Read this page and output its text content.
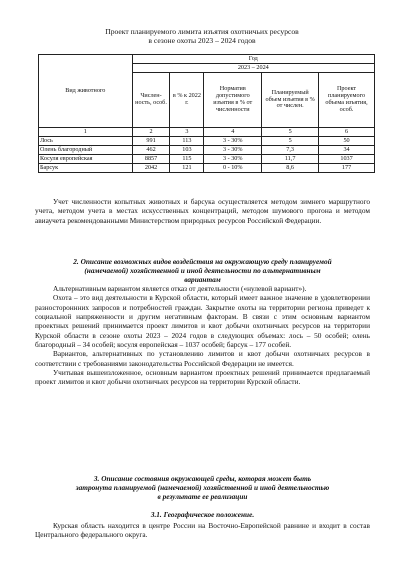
Проект планируемого лимита изъятия охотничьих ресурсов
в сезоне охоты 2023 – 2024 годов
Вид животного	Год				
	2023 – 2024				
	Числен-ность, особ.	в % к 2022 г.	Норматив допустимого изъятия в % от численности	Планируемый объем изъятия в % от числен.	Проект планируемого объема изъятия, особ.
1	2	3	4	5	6
Лось	991	113	3 - 30%	5	50
Олень благородный	462	103	3 - 30%	7,3	34
Косуля европейская	8857	115	3 - 30%	11,7	1037
Барсук	2042	121	0 - 10%	8,6	177

Учет численности копытных животных и барсука осуществляется методом зимнего маршрутного учета, методом учета в местах искусственных концентраций, методом шумового прогона и методом авиаучета рекомендованными Министерством природных ресурсов Российской Федерации.

2. Описание возможных видов воздействия на окружающую среду планируемой
(намечаемой) хозяйственной и иной деятельности по альтернативным
вариантам

Альтернативным вариантом является отказ от деятельности («нулевой вариант»).

Охота – это вид деятельности в Курской области, который имеет важное значение в удовлетворении разностороннних запросов и потребностей граждан. Закрытие охоты на территории региона приведет к социальной напряженности и другим негативным факторам. В связи с этим основным вариантом проектных решений принимается проект лимитов и квот добычи охотничьих ресурсов на территории Курской области в сезоне охоты 2023 – 2024 годов в следующих объемах: лось – 50 особей; олень благородный – 34 особей; косуля европейская – 1037 особей; барсук – 177 особей.

Вариантов, альтернативных по установлению лимитов и квот добычи охотничьих ресурсов в соответствии с требованиями законодательства Российской Федерации не имеется.

Учитывая вышеизложенное, основным вариантом проектных решений принимается предлагаемый проект лимитов и квот добычи охотничьих ресурсов на территории Курской области.

3. Описание состояния окружающей среды, которая может быть
затронута планируемой (намечаемой) хозяйственной и иной деятельностью
в результате ее реализации
3.1. Географическое положение.

Курская область находится в центре России на Восточно-Европейской равнине и входит в состав Центрального федерального округа.
